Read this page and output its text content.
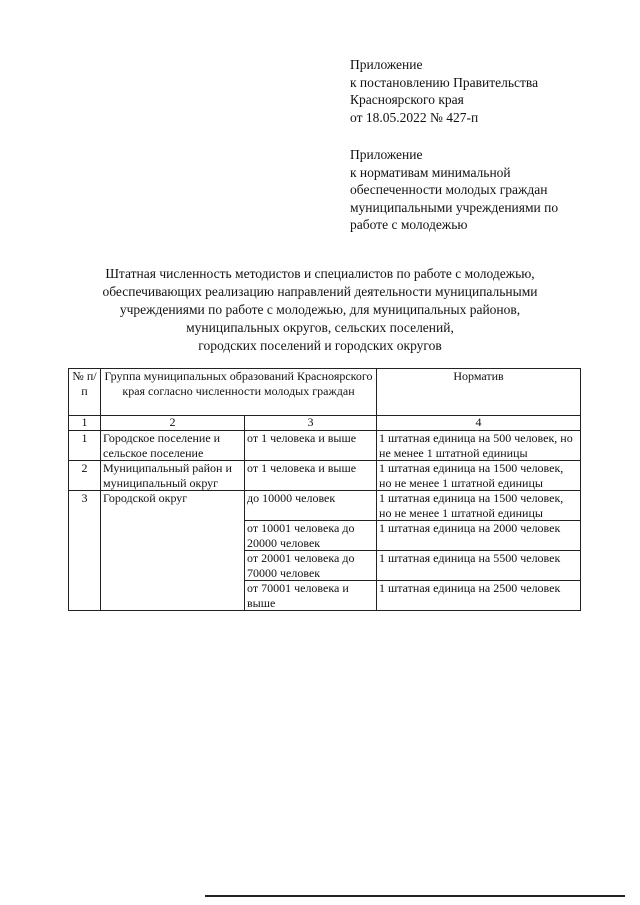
Приложение
к постановлению Правительства
Красноярского края
от 18.05.2022 № 427-п
Приложение
к нормативам минимальной
обеспеченности молодых граждан
муниципальными учреждениями по
работе с молодежью
Штатная численность методистов и специалистов по работе с молодежью,
обеспечивающих реализацию направлений деятельности муниципальными
учреждениями по работе с молодежью, для муниципальных районов,
муниципальных округов, сельских поселений,
городских поселений и городских округов
№ п/п	Группа муниципальных образований Красноярского края согласно численности молодых граждан		Норматив
1	2	3	4
1	Городское поселение и сельское поселение	от 1 человека и выше	1 штатная единица на 500 человек, но не менее 1 штатной единицы
2	Муниципальный район и муниципальный округ	от 1 человека и выше	1 штатная единица на 1500 человек, но не менее 1 штатной единицы
3	Городской округ	до 10000 человек	1 штатная единица на 1500 человек, но не менее 1 штатной единицы
		от 10001 человека до 20000 человек	1 штатная единица на 2000 человек
		от 20001 человека до 70000 человек	1 штатная единица на 5500 человек
		от 70001 человека и выше	1 штатная единица на 2500 человек
